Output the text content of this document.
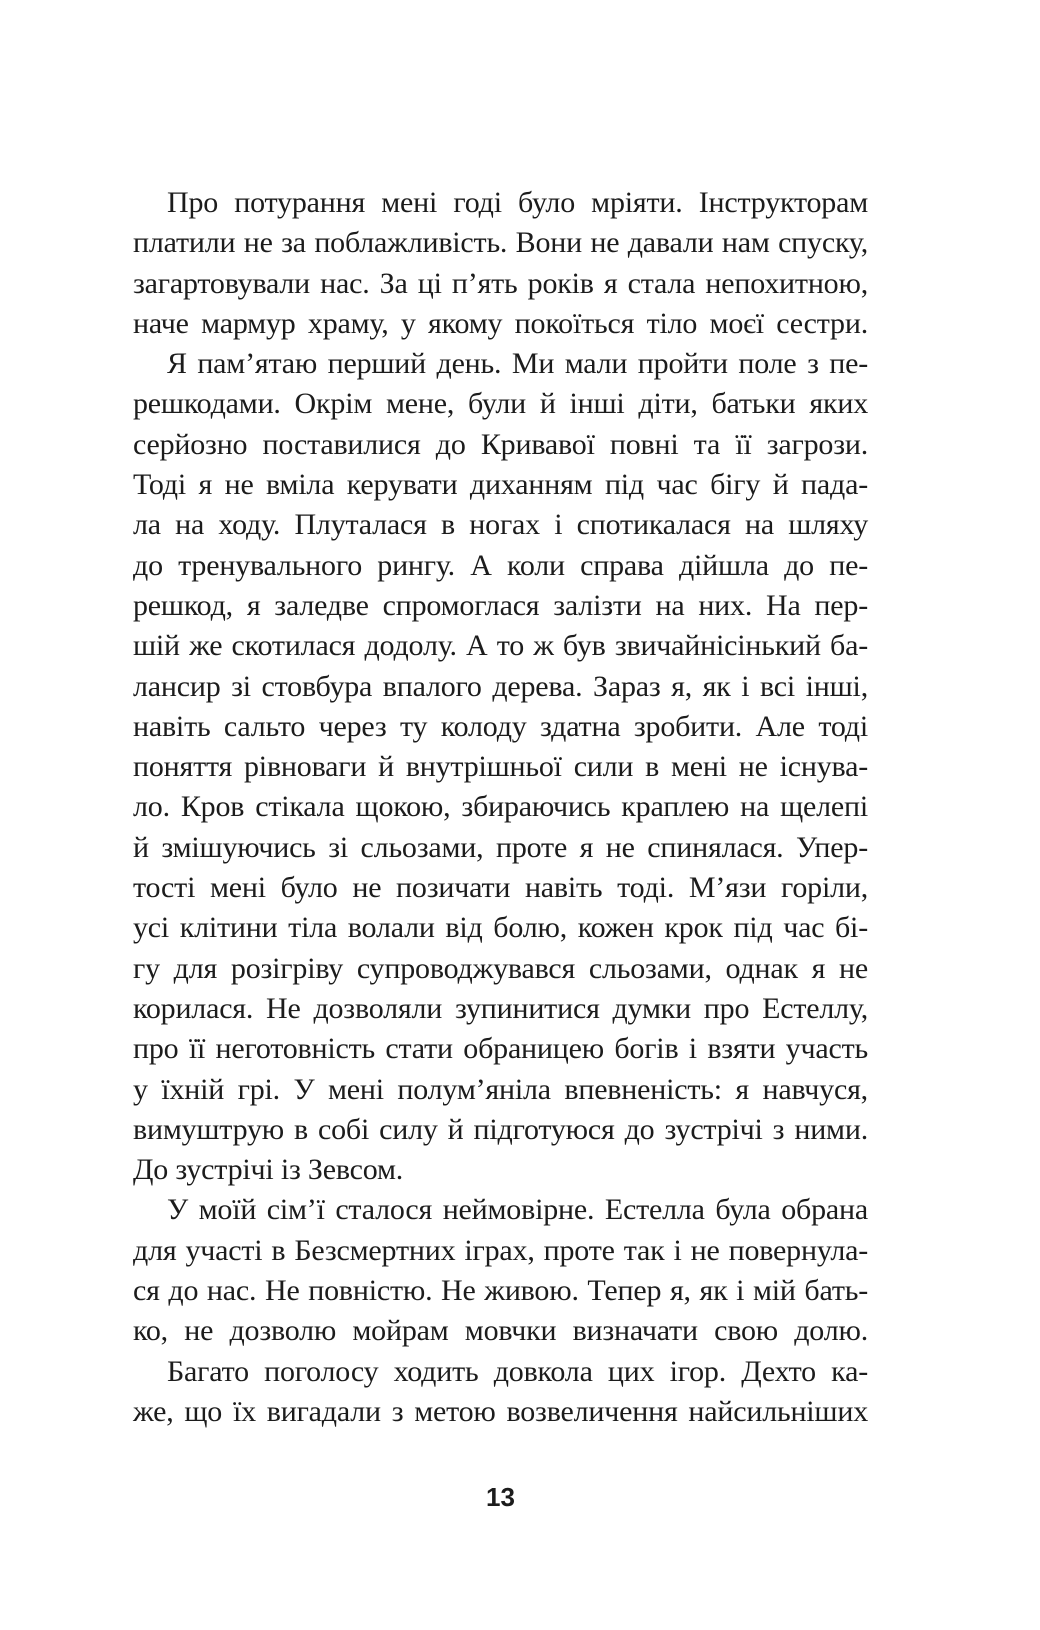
Про потурання мені годі було мріяти. Інструкторам
платили не за поблажливість. Вони не давали нам спуску,
загартовували нас. За ці п’ять років я стала непохитною,
наче мармур храму, у якому покоїться тіло моєї сестри.
Я пам’ятаю перший день. Ми мали пройти поле з пе-
решкодами. Окрім мене, були й інші діти, батьки яких
серйозно поставилися до Кривавої повні та її загрози.
Тоді я не вміла керувати диханням під час бігу й пада-
ла на ходу. Плуталася в ногах і спотикалася на шляху
до тренувального рингу. А коли справа дійшла до пе-
решкод, я заледве спромоглася залізти на них. На пер-
шій же скотилася додолу. А то ж був звичайнісінький ба-
лансир зі стовбура впалого дерева. Зараз я, як і всі інші,
навіть сальто через ту колоду здатна зробити. Але тоді
поняття рівноваги й внутрішньої сили в мені не існува-
ло. Кров стікала щокою, збираючись краплею на щелепі
й змішуючись зі сльозами, проте я не спинялася. Упер-
тості мені було не позичати навіть тоді. М’язи горіли,
усі клітини тіла волали від болю, кожен крок під час бі-
гу для розігріву супроводжувався сльозами, однак я не
корилася. Не дозволяли зупинитися думки про Естеллу,
про її неготовність стати обраницею богів і взяти участь
у їхній грі. У мені полум’яніла впевненість: я навчуся,
вимуштрую в собі силу й підготуюся до зустрічі з ними.
До зустрічі із Зевсом.
У моїй сім’ї сталося неймовірне. Естелла була обрана
для участі в Безсмертних іграх, проте так і не повернула-
ся до нас. Не повністю. Не живою. Тепер я, як і мій бать-
ко, не дозволю мойрам мовчки визначати свою долю.
Багато поголосу ходить довкола цих ігор. Дехто ка-
же, що їх вигадали з метою возвеличення найсильніших
13
